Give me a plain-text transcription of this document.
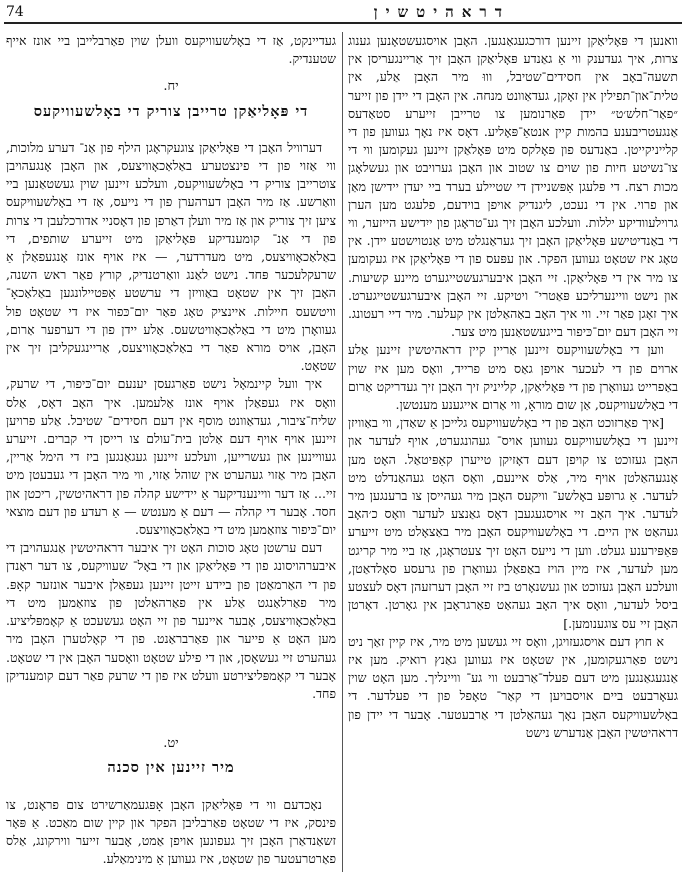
74	דראהיטשין

וואנען די פּאָליאַקן זיינען דורכגעגאַנגען. האָבן אויסגעשטאָנען גענוג צרות, איך געדענק ווי אַ גאַנדע פּאָליאַקן האָבן זיך אַריינגעריסן אין תשעה־באָב אין חסידים־שטיבל, וווּ מיר האָבן אַלע, אין טלית־און־תפילין אין זאָקן, געדאַוונט מנחה. אין האָבן די יידן פון זייער ״פאַר־חלש׳ט״ יידן פאַרנומען צו טרייבן זייערע סטאַדעס אַנגעטריבענע בהמות קיין אנטאַ־פּאָליע. דאָס איז נאָך געווען פון די קלייניקייטן. באַנדעס פון פאָלקס מיט פּאָלאַקן זיינען געקומען ווי די צו־נשיטע חיות פון שוים צו שטוב און האָבן גערויבט און געשלאָגן מכות רצח. די פּלעגן אַפּשניידן די שטיילע בערד ביי יעדן יידישן מאַן און פרוי. אין די נעכט, ליגנדיק אויפן בוידעם, פלעגט מען הערן גרוילעוודיקע יללות. וועלכע האָבן זיך גע־טראָגן פון ייִדישע הייזער, ווי די באַנדיטישע פּאָליאַקן האָבן זיך געראַנגלט מיט אַנטוישטע יידן. אין טאָג איז שטאָט געווען הפקר. און עפּעס פון די פּאָליאַקן איז געקומען צו מיר אין די פּאָליאַקן. זיי האָבן איבערגעשטייגערט מיינע קשיעות. און נישט וויינערליכע פּאַטרי־ ויטיקע. זיי האָבן איבערגעשטייגערט. איך זאָגן פאַר זיי. ווי איך האָב באַהאַלטן אין קעלער. מיר דיי רעטונג. זיי האָבן דעם יום־כּיפור בייגעשטאַנען מיט צער.

ווען די באָלשעוויקעס זיינען אַריין קיין דראהיטשין זיינען אַלע ארוים פון די לעכער אויפן גאַס מיט פרייד, וואָס מען איז שוין באַפרייט געוואָרן פון די פּאָליאַקן, קלייניק זיך האָבן זיך געדריקט אַרום די באָלשעוויקעס, אַן שום מוראָ, ווי אַרום אייגענע מענטשן.

[איך פאַרזוכט האָב פון די באָלשעוויקעס גלייכן אַ שאַדן, ווי באַוויזן זיינען די באָלשעוויקעס געווען אויס־ געהונגערט, אויף לעדער און האָבן געזוכט צו קויפן דעם דאָזיקן טייערן קאַפּיטאַל. האָט מען אָנגעהאַלטן אויף מיר, אַלס איינעם, וואָס האָט געהאַנדלט מיט לעדער. אַ גרופּע באָלשע־ וויקעס האָבן מיר געהייסן צו ברענגען מיר לעדער. איך האָב זיי אויסגעגעבן דאָס גאַנצע לעדער וואָס כ׳האָב געהאַט אין היים. די באָלשעוויקעס האָבן מיר באַצאָלט מיט זייערע פּאַפּירענע געלט. ווען די נייעס האָט זיך צעטראָגן, אַז ביי מיר קריגט מען לעדער, איז מיין הויז באַפאַלן געוואָרן פון גרעסע סאָלדאַטן, וועלכע האָבן געזוכט און געשנאָרט ביז זיי האָבן דערזעהן דאָס לעצטע ביסל לעדער, וואָס איך האָב געהאַט פאַרגראָבן אין גאָרטן. דאָרטן האָבן זיי עס צוגענומען.]

א חוץ דעם אויסגעזויגן, וואָס זיי געשען מיט מיר, איז קיין זאַך ניט נישט פאַרגעקומען, אין שטאָט איז געווען גאַנץ רואיק. מען איז אַנגעגאַנגען מיט דעם פעלד־אַרבעט ווי גע־ וויינליך. מען האָט שוין געאָרבעט ביים אויסבויען די קאַר־ טאָפל פון די פעלדער. די באָלשעוויקעס האָבן נאָך געהאַלטן די אַרבעטער. אָבער די יידן פון דראהיטשין האָבן אַנדערש נישט

געדיינקט, אַז די באָלשעוויקעס וועלן שוין פאַרבלייבן ביי אונז אייף שטענדיק.

יח.
די פּאָליאַקן טרייבן צוריק די באָלשעוויקעס

דערוויל האָבן די פּאָליאַקן צוגעקראָגן הילף פון אַנ־ דערע מלוכות, ווי אַזוי פון די פינצטערע באַלאַכאָוויצעס, און האָבן אָנגעהויבן צוטרייבן צוריק די באָלשעוויקעס, וועלכע זיינען שוין געשטאַנען ביי וואַרשע. אַז מיר האָבן דערהערן פון די נייעס, אַז די באָלשעוויקעס ציען זיך צוריק און אַז מיר וועלן דאַרפן פון דאָסניי אדורכלעבן די צרות פון די אַנ־ קומענדיקע פּאָליאַקן מיט זייערע שותפים, די באַלאַכאָוויצעס, מיט מעדרדער, — איז אויף אונז אָנגעפאַלן אַ שרעקלעכער פּחד. נישט לאַנג וואַרטנדיק, קורץ פאַר ראש השנה, האָבן זיך אין שטאָט באַוויזן די ערשטע אַפּטיילונגען באַלאַכאָ־ וויטשעס חיילות. איינציק טאָג פאַר יום־כּפור איז די שטאָט פול געוואָרן מיט די באַלאַכאָוויטשעס. אַלע יידן פון די דערפער אַרום, האָבן, אויס מורא פאַר די באַלאַכאָוויצעס, אַריינגעקליבן זיך אין שטאָט.

איך וועל קיינמאָל נישט פאַרגעסן יענעם יום־כּיפור, די שרעק, וואָס איז געפאַלן אויף אונז אַלעמען. איך האָב דאָס, אַלס שליח־ציבור, געדאַוונט מוסף אין דעם חסידים־ שטיבל. אַלע פרויען זיינען אויף אויף דעם אַלטן בית־עולם צו רייסן די קברים. זייערע געוויינען און געשרייען, וועלכע זיינען געגאַנגען ביז די הימל אַריין, האָבן מיר אַזוי געהערט אין שוהל אַזוי, ווי מיר האָבן די געבעטן מיט זיי... אַז דער וויינענדיקער אַ יידישע קהלה פון דראהיטשין, ריכטן און חסד. אָבער די קהלה — דעם אַ מענטש — אַ רעדע פון דעם מוצאי יום־כּיפור צוזאַמען מיט די באַלאַכאָוויצעס.

דעם ערשטן טאָג סוכות האָט זיך איבער דראהיטשין אַנגעהויבן די איבערהויסונג פון די פּאָליאַקן און די באָל־ שעוויקעס, צו דער ראַנדן פון די האַרמאַטן פון ביידע זייטן זיינען געפאַלן איבער אונזער קאָפּ. מיר פאַרלאַנגט אַלע אין פאַרהאַלטן פון צוזאַמען מיט די באַלאַכאָוויצעס, אָבער איינער פון זיי האָט געשעכט אַ קאָמפּליציע. מען האָט אַ פייער און פאַרבראַנט. פון די קאָלטערן האָבן מיר געהערט זיי געשאָסן, און די פילע שטאָט וואָסער האָבן אין די שטאָט. אָבער די קאָמפּליצירטע וועלט איז פון די שרעק פאַר דעם קומענדיקן פחד.

יט.
מיר זיינען אין סכנה

נאָכדעם ווי די פּאָליאַקן האָבן אָפּגעמאַרשירט צום פראָנט, צו פינסק, איז די שטאָט פאַרבליבן הפקר און קיין שום מאַכט. אַ פּאָר זשאַנדאַרן האָבן זיך געפונען אויפן אַמט, אָבער זייער ווירקונג, אַלס פאַרטרעטער פון שטאָט, איז געווען אַ מינימאַלע.
